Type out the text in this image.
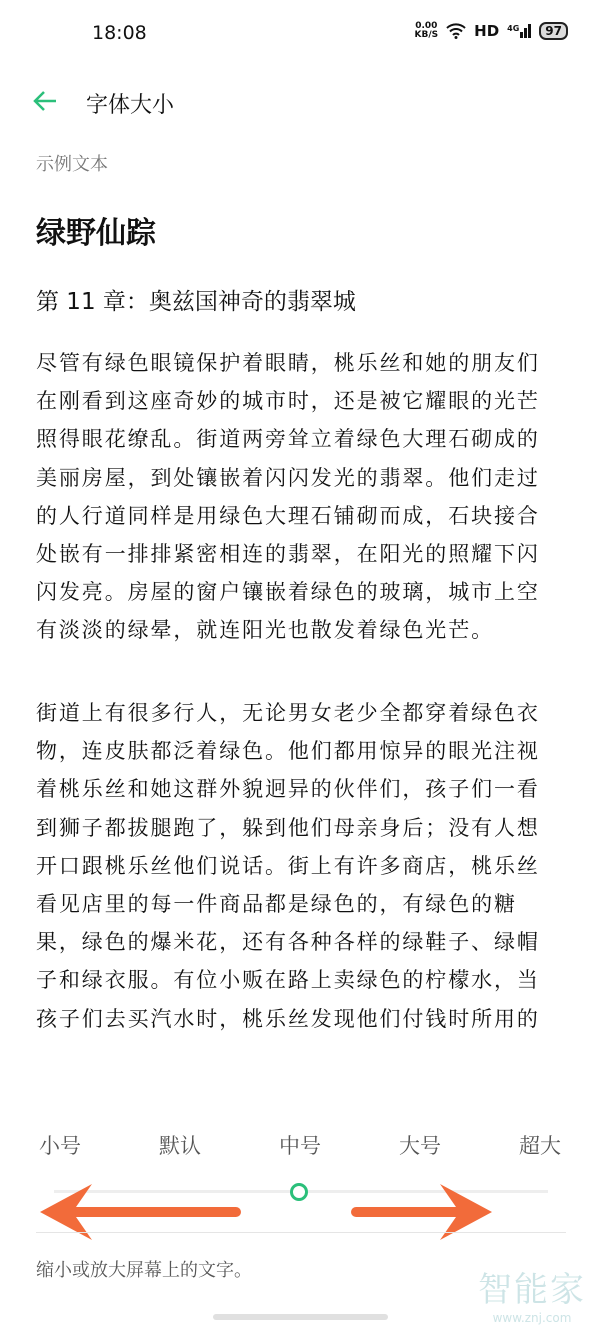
18:08	0.00
KB/S HD 4G	97
字体大小
示例文本
绿野仙踪
第 11 章：奥兹国神奇的翡翠城
尽管有绿色眼镜保护着眼睛，桃乐丝和她的朋友们
在刚看到这座奇妙的城市时，还是被它耀眼的光芒
照得眼花缭乱。街道两旁耸立着绿色大理石砌成的
美丽房屋，到处镶嵌着闪闪发光的翡翠。他们走过
的人行道同样是用绿色大理石铺砌而成，石块接合
处嵌有一排排紧密相连的翡翠，在阳光的照耀下闪
闪发亮。房屋的窗户镶嵌着绿色的玻璃，城市上空
有淡淡的绿晕，就连阳光也散发着绿色光芒。
街道上有很多行人，无论男女老少全都穿着绿色衣
物，连皮肤都泛着绿色。他们都用惊异的眼光注视
着桃乐丝和她这群外貌迥异的伙伴们，孩子们一看
到狮子都拔腿跑了，躲到他们母亲身后；没有人想
开口跟桃乐丝他们说话。街上有许多商店，桃乐丝
看见店里的每一件商品都是绿色的，有绿色的糖
果，绿色的爆米花，还有各种各样的绿鞋子、绿帽
子和绿衣服。有位小贩在路上卖绿色的柠檬水，当
孩子们去买汽水时，桃乐丝发现他们付钱时所用的
小号	默认	中号	大号	超大
缩小或放大屏幕上的文字。	智能家
www.znj.com
